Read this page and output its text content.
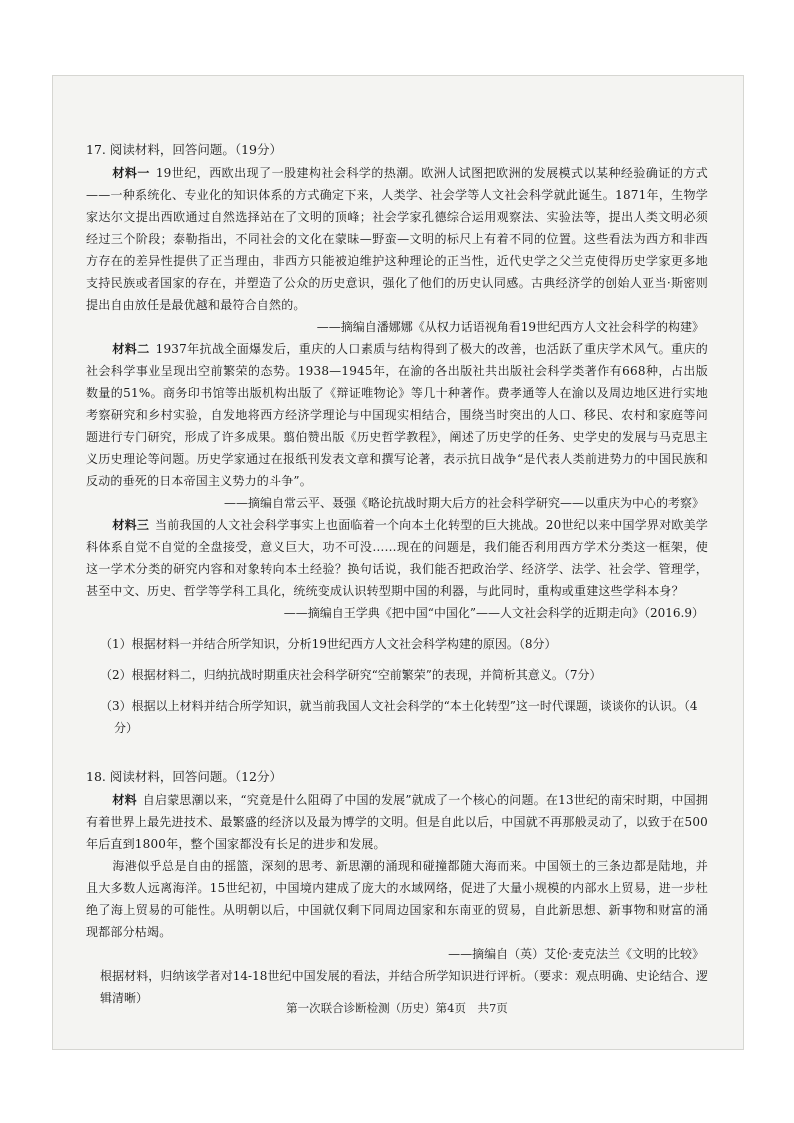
17. 阅读材料，回答问题。（19分）

材料一 19世纪，西欧出现了一股建构社会科学的热潮。欧洲人试图把欧洲的发展模式以某种经验确证的方式——一种系统化、专业化的知识体系的方式确定下来，人类学、社会学等人文社会科学就此诞生。1871年，生物学家达尔文提出西欧通过自然选择站在了文明的顶峰；社会学家孔德综合运用观察法、实验法等，提出人类文明必须经过三个阶段；泰勒指出，不同社会的文化在蒙昧—野蛮—文明的标尺上有着不同的位置。这些看法为西方和非西方存在的差异性提供了正当理由，非西方只能被迫维护这种理论的正当性，近代史学之父兰克使得历史学家更多地支持民族或者国家的存在，并塑造了公众的历史意识，强化了他们的历史认同感。古典经济学的创始人亚当·斯密则提出自由放任是最优越和最符合自然的。

——摘编自潘娜娜《从权力话语视角看19世纪西方人文社会科学的构建》

材料二 1937年抗战全面爆发后，重庆的人口素质与结构得到了极大的改善，也活跃了重庆学术风气。重庆的社会科学事业呈现出空前繁荣的态势。1938—1945年，在渝的各出版社共出版社会科学类著作有668种，占出版数量的51%。商务印书馆等出版机构出版了《辩证唯物论》等几十种著作。费孝通等人在渝以及周边地区进行实地考察研究和乡村实验，自发地将西方经济学理论与中国现实相结合，围绕当时突出的人口、移民、农村和家庭等问题进行专门研究，形成了许多成果。翦伯赞出版《历史哲学教程》，阐述了历史学的任务、史学史的发展与马克思主义历史理论等问题。历史学家通过在报纸刊发表文章和撰写论著，表示抗日战争“是代表人类前进势力的中国民族和反动的垂死的日本帝国主义势力的斗争”。

——摘编自常云平、聂强《略论抗战时期大后方的社会科学研究——以重庆为中心的考察》

材料三 当前我国的人文社会科学事实上也面临着一个向本土化转型的巨大挑战。20世纪以来中国学界对欧美学科体系自觉不自觉的全盘接受，意义巨大，功不可没……现在的问题是，我们能否利用西方学术分类这一框架，使这一学术分类的研究内容和对象转向本土经验？换句话说，我们能否把政治学、经济学、法学、社会学、管理学，甚至中文、历史、哲学等学科工具化，统统变成认识转型期中国的利器，与此同时，重构或重建这些学科本身？

——摘编自王学典《把中国“中国化”——人文社会科学的近期走向》（2016.9）

（1）根据材料一并结合所学知识，分析19世纪西方人文社会科学构建的原因。（8分）

（2）根据材料二，归纳抗战时期重庆社会科学研究“空前繁荣”的表现，并简析其意义。（7分）

（3）根据以上材料并结合所学知识，就当前我国人文社会科学的“本土化转型”这一时代课题，谈谈你的认识。（4分）

18. 阅读材料，回答问题。（12分）

材料 自启蒙思潮以来，“究竟是什么阻碍了中国的发展”就成了一个核心的问题。在13世纪的南宋时期，中国拥有着世界上最先进技术、最繁盛的经济以及最为博学的文明。但是自此以后，中国就不再那般灵动了，以致于在500年后直到1800年，整个国家都没有长足的进步和发展。

海港似乎总是自由的摇篮，深刻的思考、新思潮的涌现和碰撞都随大海而来。中国领土的三条边都是陆地，并且大多数人远离海洋。15世纪初，中国境内建成了庞大的水域网络，促进了大量小规模的内部水上贸易，进一步杜绝了海上贸易的可能性。从明朝以后，中国就仅剩下同周边国家和东南亚的贸易，自此新思想、新事物和财富的涌现都部分枯竭。

——摘编自（英）艾伦·麦克法兰《文明的比较》

根据材料，归纳该学者对14-18世纪中国发展的看法，并结合所学知识进行评析。（要求：观点明确、史论结合、逻辑清晰）

第一次联合诊断检测（历史）第4页　共7页
